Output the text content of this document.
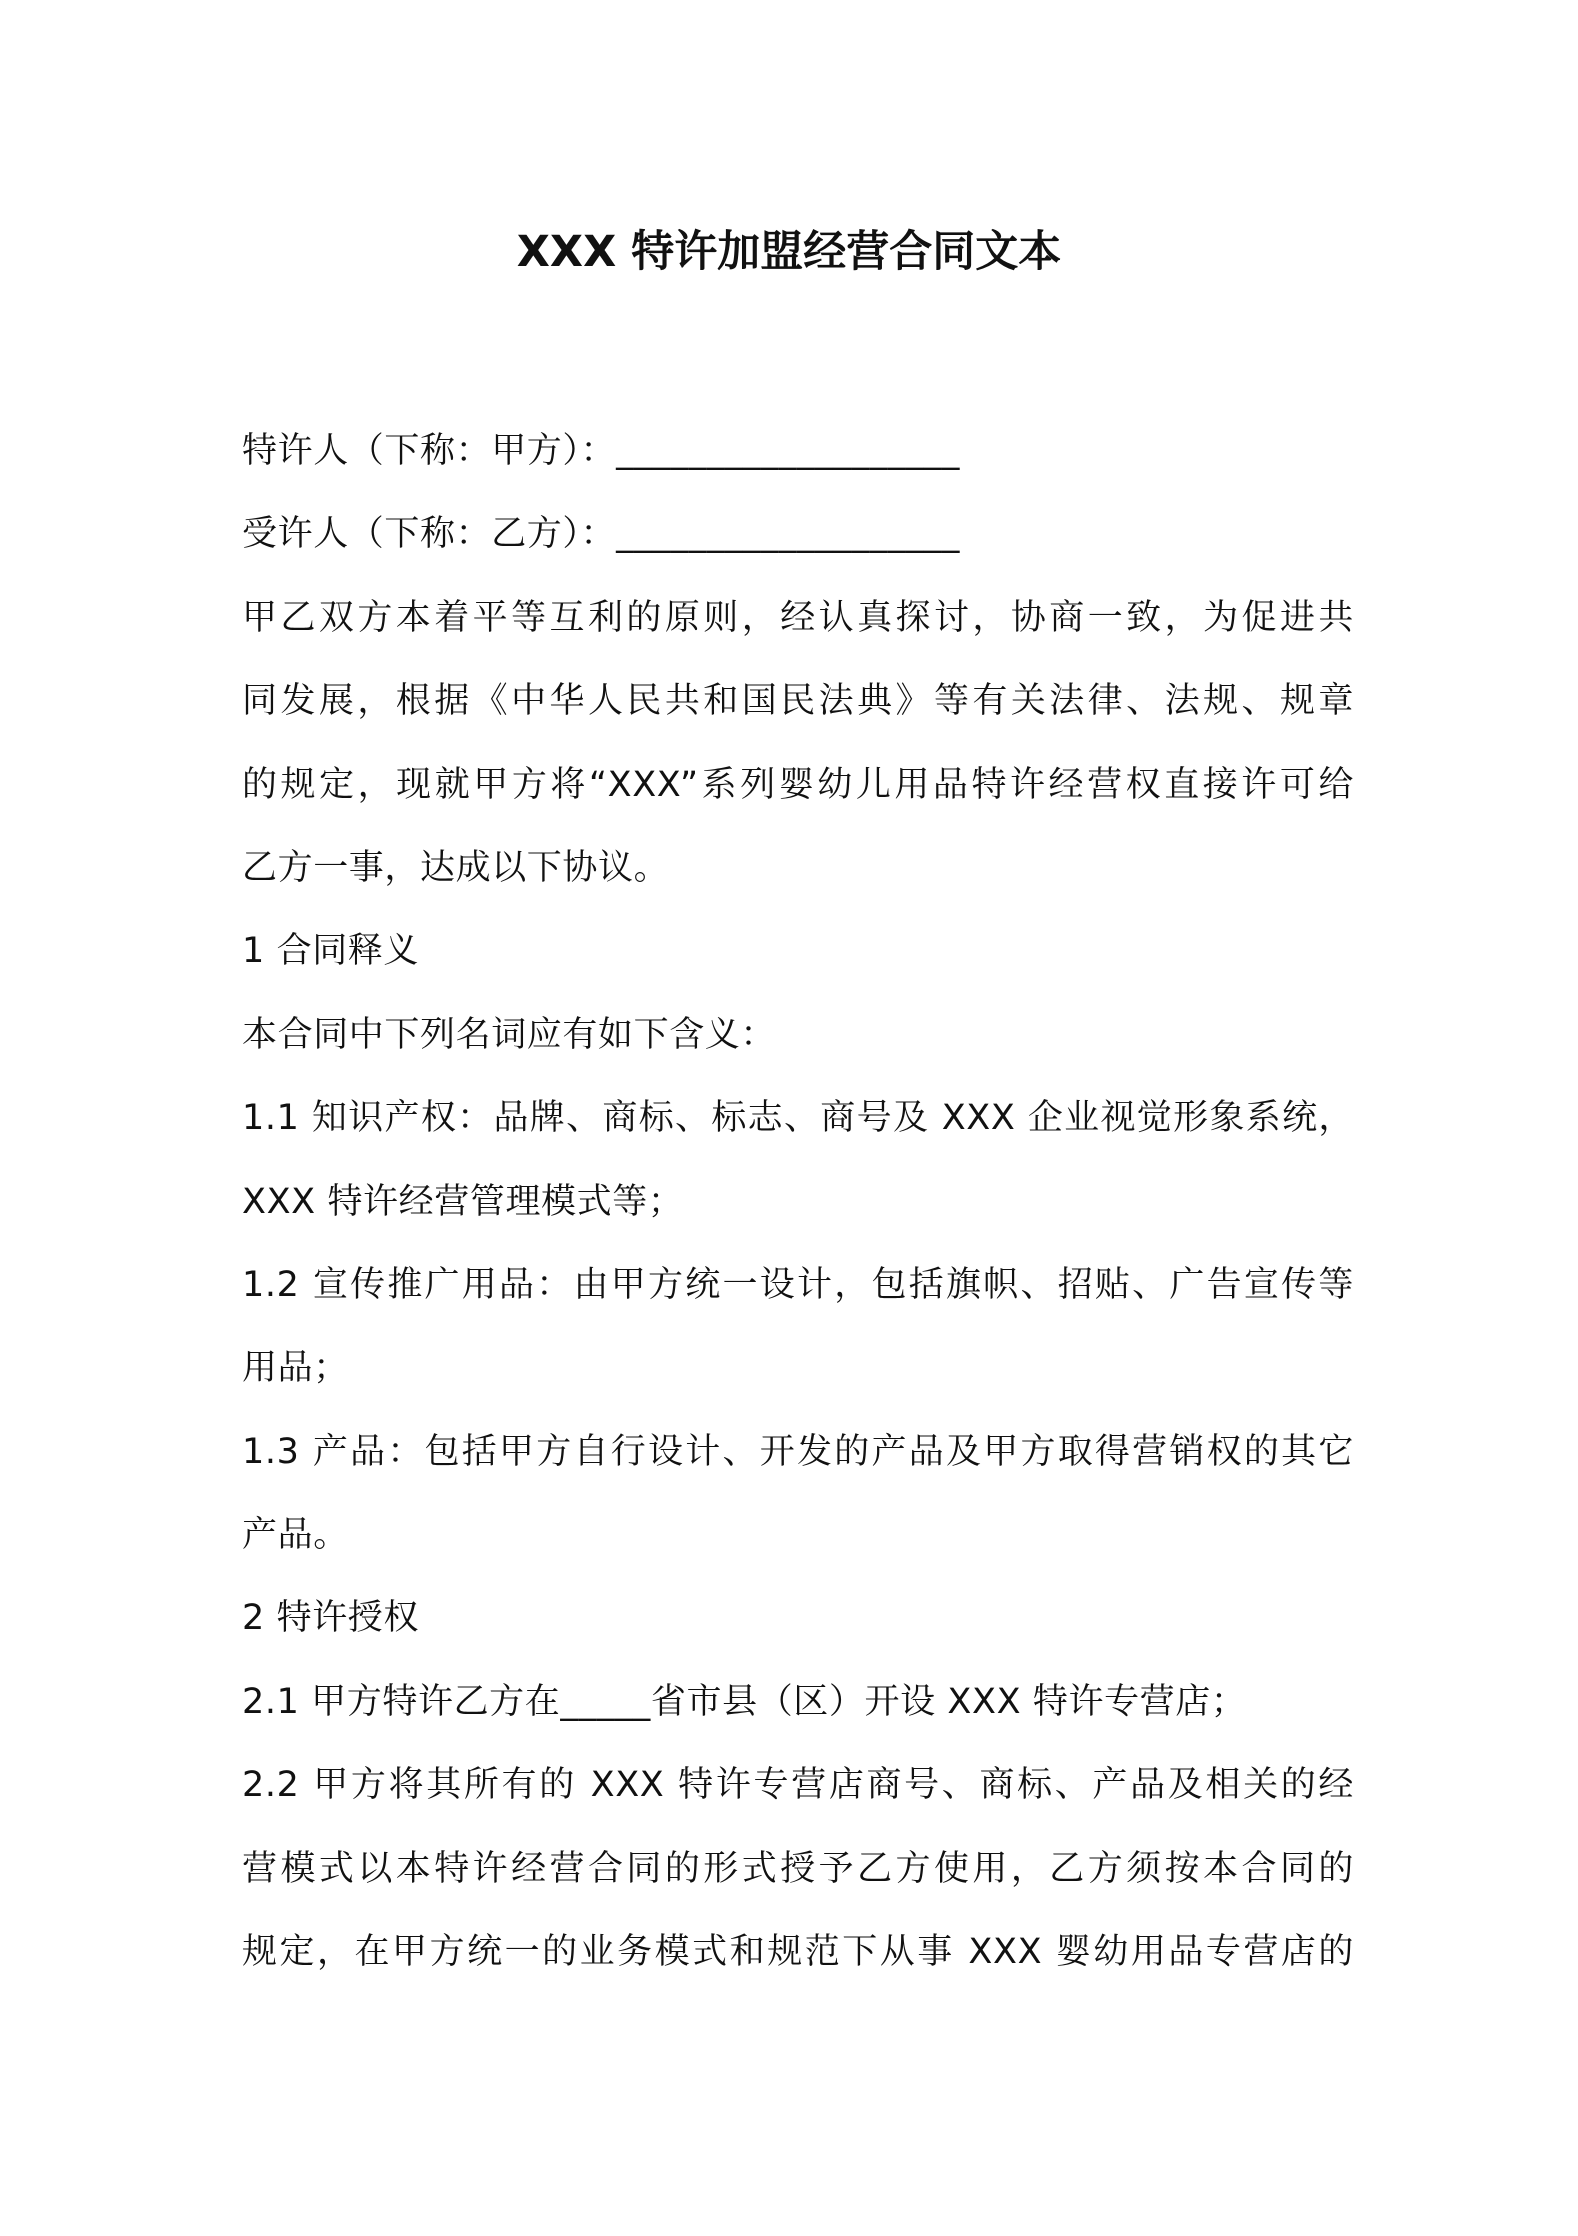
XXX 特许加盟经营合同文本
特许人（下称：甲方）：___________________
受许人（下称：乙方）：___________________
甲乙双方本着平等互利的原则，经认真探讨，协商一致，为促进共
同发展，根据《中华人民共和国民法典》等有关法律、法规、规章
的规定，现就甲方将“XXX”系列婴幼儿用品特许经营权直接许可给
乙方一事，达成以下协议。
1 合同释义
本合同中下列名词应有如下含义：
1.1 知识产权：品牌、商标、标志、商号及 XXX 企业视觉形象系统，
XXX 特许经营管理模式等；
1.2 宣传推广用品：由甲方统一设计，包括旗帜、招贴、广告宣传等
用品；
1.3 产品：包括甲方自行设计、开发的产品及甲方取得营销权的其它
产品。
2 特许授权
2.1 甲方特许乙方在_____省市县（区）开设 XXX 特许专营店；
2.2 甲方将其所有的 XXX 特许专营店商号、商标、产品及相关的经
营模式以本特许经营合同的形式授予乙方使用，乙方须按本合同的
规定，在甲方统一的业务模式和规范下从事 XXX 婴幼用品专营店的
